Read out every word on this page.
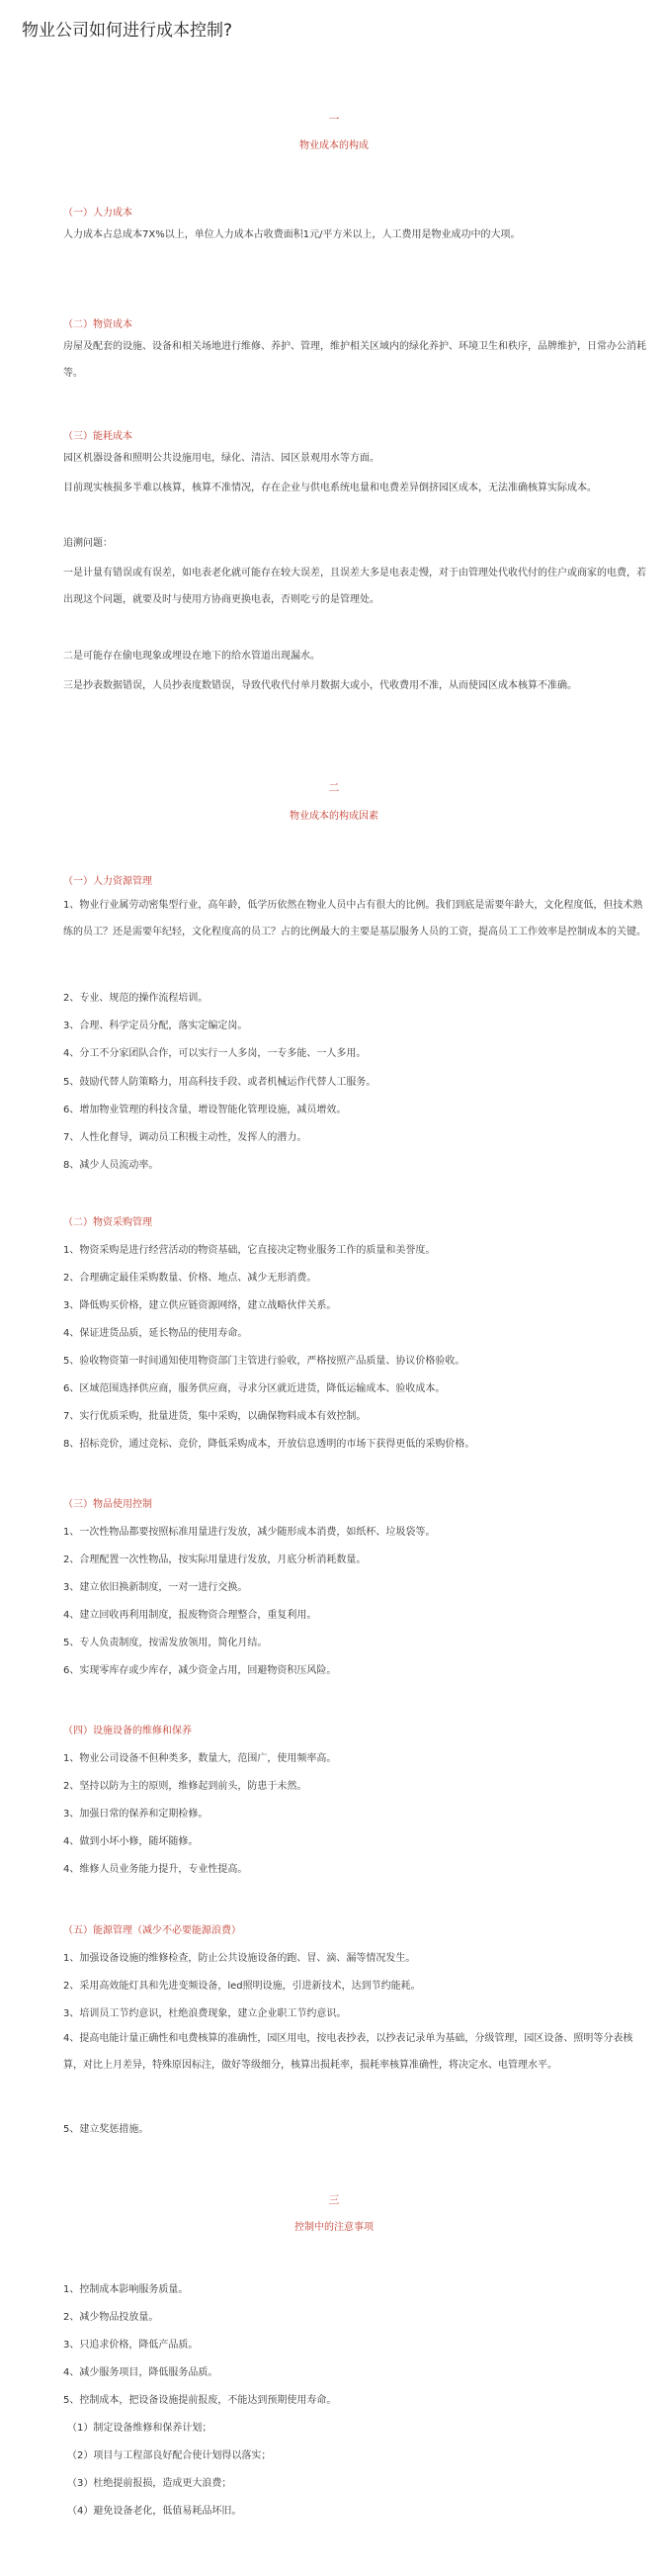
物业公司如何进行成本控制?
一
物业成本的构成
（一）人力成本
人力成本占总成本7X%以上，单位人力成本占收费面积1元/平方米以上，人工费用是物业成功中的大项。
（二）物资成本
房屋及配套的设施、设备和相关场地进行维修、养护、管理，维护相关区域内的绿化养护、环境卫生和秩序，品牌维护，日常办公消耗等。
（三）能耗成本
园区机器设备和照明公共设施用电，绿化、清洁、园区景观用水等方面。
目前现实核损多半难以核算，核算不准情况，存在企业与供电系统电量和电费差异倒挤园区成本，无法准确核算实际成本。
追溯问题：
一是计量有错误或有误差，如电表老化就可能存在较大误差，且误差大多是电表走慢，对于由管理处代收代付的住户或商家的电费，若出现这个问题，就要及时与使用方协商更换电表，否则吃亏的是管理处。
二是可能存在偷电现象或埋设在地下的给水管道出现漏水。
三是抄表数据错误，人员抄表度数错误，导致代收代付单月数据大或小，代收费用不准，从而使园区成本核算不准确。
二
物业成本的构成因素
（一）人力资源管理
1、物业行业属劳动密集型行业，高年龄，低学历依然在物业人员中占有很大的比例。我们到底是需要年龄大，文化程度低，但技术熟练的员工？还是需要年纪轻，文化程度高的员工？占的比例最大的主要是基层服务人员的工资，提高员工工作效率是控制成本的关键。
2、专业、规范的操作流程培训。
3、合理、科学定员分配，落实定编定岗。
4、分工不分家团队合作，可以实行一人多岗，一专多能、一人多用。
5、鼓励代替人防策略力，用高科技手段、或者机械运作代替人工服务。
6、增加物业管理的科技含量，增设智能化管理设施，减员增效。
7、人性化督导，调动员工积极主动性，发挥人的潜力。
8、减少人员流动率。
（二）物资采购管理
1、物资采购是进行经营活动的物资基础，它直接决定物业服务工作的质量和美誉度。
2、合理确定最佳采购数量、价格、地点、减少无形消费。
3、降低购买价格，建立供应链资源网络，建立战略伙伴关系。
4、保证进货品质，延长物品的使用寿命。
5、验收物资第一时间通知使用物资部门主管进行验收，严格按照产品质量、协议价格验收。
6、区域范围选择供应商，服务供应商，寻求分区就近进货，降低运输成本、验收成本。
7、实行优质采购，批量进货，集中采购，以确保物料成本有效控制。
8、招标竞价，通过竞标、竞价，降低采购成本，开放信息透明的市场下获得更低的采购价格。
（三）物品使用控制
1、一次性物品都要按照标准用量进行发放，减少随形成本消费，如纸杯、垃圾袋等。
2、合理配置一次性物品，按实际用量进行发放，月底分析消耗数量。
3、建立依旧换新制度，一对一进行交换。
4、建立回收再利用制度，报废物资合理整合，重复利用。
5、专人负责制度，按需发放领用，简化月结。
6、实现零库存或少库存，减少资金占用，回避物资积压风险。
（四）设施设备的维修和保养
1、物业公司设备不但种类多，数量大，范围广，使用频率高。
2、坚持以防为主的原则，维修起到前头，防患于未然。
3、加强日常的保养和定期检修。
4、做到小坏小修，随坏随修。
4、维修人员业务能力提升，专业性提高。
（五）能源管理（减少不必要能源浪费）
1、加强设备设施的维修检查，防止公共设施设备的跑、冒、滴、漏等情况发生。
2、采用高效能灯具和先进变频设备，led照明设施，引进新技术，达到节约能耗。
3、培训员工节约意识，杜绝浪费现象，建立企业职工节约意识。
4、提高电能计量正确性和电费核算的准确性，园区用电，按电表抄表，以抄表记录单为基础，分级管理，园区设备、照明等分表核算，对比上月差异，特殊原因标注，做好等级细分，核算出损耗率，损耗率核算准确性，将决定水、电管理水平。
5、建立奖惩措施。
三
控制中的注意事项
1、控制成本影响服务质量。
2、减少物品投放量。
3、只追求价格，降低产品质。
4、减少服务项目，降低服务品质。
5、控制成本，把设备设施提前报废，不能达到预期使用寿命。
（1）制定设备维修和保养计划；
（2）项目与工程部良好配合使计划得以落实；
（3）杜绝提前报损，造成更大浪费；
（4）避免设备老化，低值易耗品坏旧。
